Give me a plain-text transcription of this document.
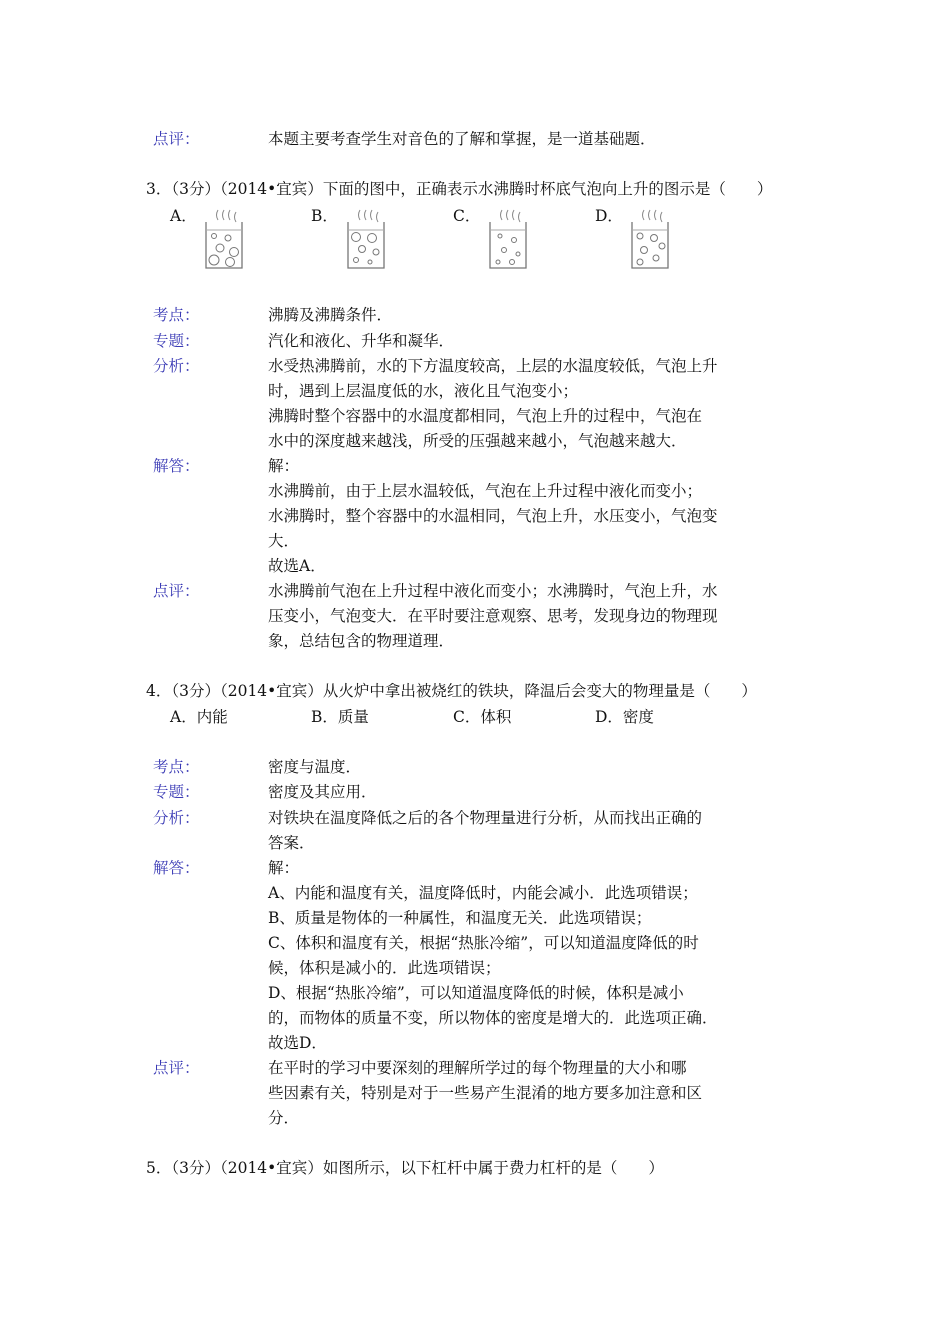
点评：	本题主要考查学生对音色的了解和掌握，是一道基础题．
3．（3分）（2014•宜宾）下面的图中，正确表示水沸腾时杯底气泡向上升的图示是（　　）
A．	B．	C．	D．
考点：	沸腾及沸腾条件．
专题：	汽化和液化、升华和凝华．
分析：	水受热沸腾前，水的下方温度较高，上层的水温度较低，气泡上升
时，遇到上层温度低的水，液化且气泡变小；
沸腾时整个容器中的水温度都相同，气泡上升的过程中，气泡在
水中的深度越来越浅，所受的压强越来越小，气泡越来越大．
解答：	解：
水沸腾前，由于上层水温较低，气泡在上升过程中液化而变小；
水沸腾时，整个容器中的水温相同，气泡上升，水压变小，气泡变
大．
故选A．
点评：	水沸腾前气泡在上升过程中液化而变小；水沸腾时，气泡上升，水
压变小，气泡变大．在平时要注意观察、思考，发现身边的物理现
象，总结包含的物理道理．
4．（3分）（2014•宜宾）从火炉中拿出被烧红的铁块，降温后会变大的物理量是（　　）
A．内能	B．质量	C．体积	D．密度
考点：	密度与温度．
专题：	密度及其应用．
分析：	对铁块在温度降低之后的各个物理量进行分析，从而找出正确的
答案．
解答：	解：
A、内能和温度有关，温度降低时，内能会减小．此选项错误；
B、质量是物体的一种属性，和温度无关．此选项错误；
C、体积和温度有关，根据“热胀冷缩”，可以知道温度降低的时
候，体积是减小的．此选项错误；
D、根据“热胀冷缩”，可以知道温度降低的时候，体积是减小
的，而物体的质量不变，所以物体的密度是增大的．此选项正确．
故选D．
点评：	在平时的学习中要深刻的理解所学过的每个物理量的大小和哪
些因素有关，特别是对于一些易产生混淆的地方要多加注意和区
分．
5．（3分）（2014•宜宾）如图所示，以下杠杆中属于费力杠杆的是（　　）
